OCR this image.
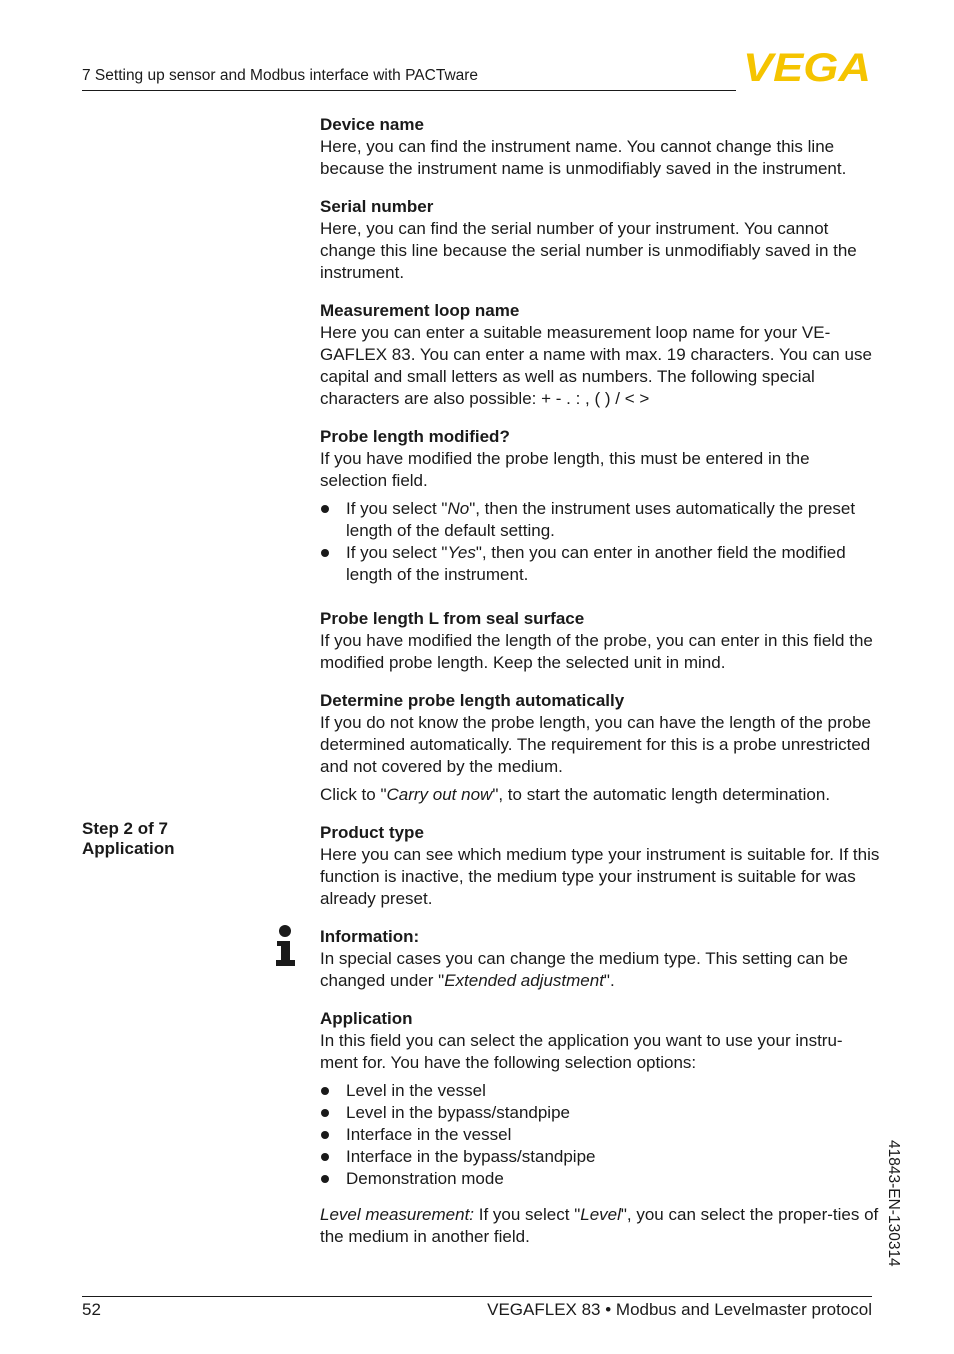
7 Setting up sensor and Modbus interface with PACTware	VEGA
Step 2 of 7
Application
Device name

Here, you can find the instrument name. You cannot change this line because the instrument name is unmodifiably saved in the instrument.

Serial number

Here, you can find the serial number of your instrument. You cannot change this line because the serial number is unmodifiably saved in the instrument.

Measurement loop name

Here you can enter a suitable measurement loop name for your VE-GAFLEX 83. You can enter a name with max. 19 characters. You can use capital and small letters as well as numbers. The following special characters are also possible: + - . : , ( ) / < >

Probe length modified?

If you have modified the probe length, this must be entered in the selection field.

If you select "No", then the instrument uses automatically the preset length of the default setting.
If you select "Yes", then you can enter in another field the modified length of the instrument.
Probe length L from seal surface

If you have modified the length of the probe, you can enter in this field the modified probe length. Keep the selected unit in mind.

Determine probe length automatically

If you do not know the probe length, you can have the length of the probe determined automatically. The requirement for this is a probe unrestricted and not covered by the medium.

Click to "Carry out now", to start the automatic length determination.

Product type

Here you can see which medium type your instrument is suitable for. If this function is inactive, the medium type your instrument is suitable for was already preset.

Information:

In special cases you can change the medium type. This setting can be changed under "Extended adjustment".

Application

In this field you can select the application you want to use your instru-ment for. You have the following selection options:

Level in the vessel
Level in the bypass/standpipe
Interface in the vessel
Interface in the bypass/standpipe
Demonstration mode

Level measurement: If you select "Level", you can select the proper-ties of the medium in another field.	41843-EN-130314
52	VEGAFLEX 83 • Modbus and Levelmaster protocol
